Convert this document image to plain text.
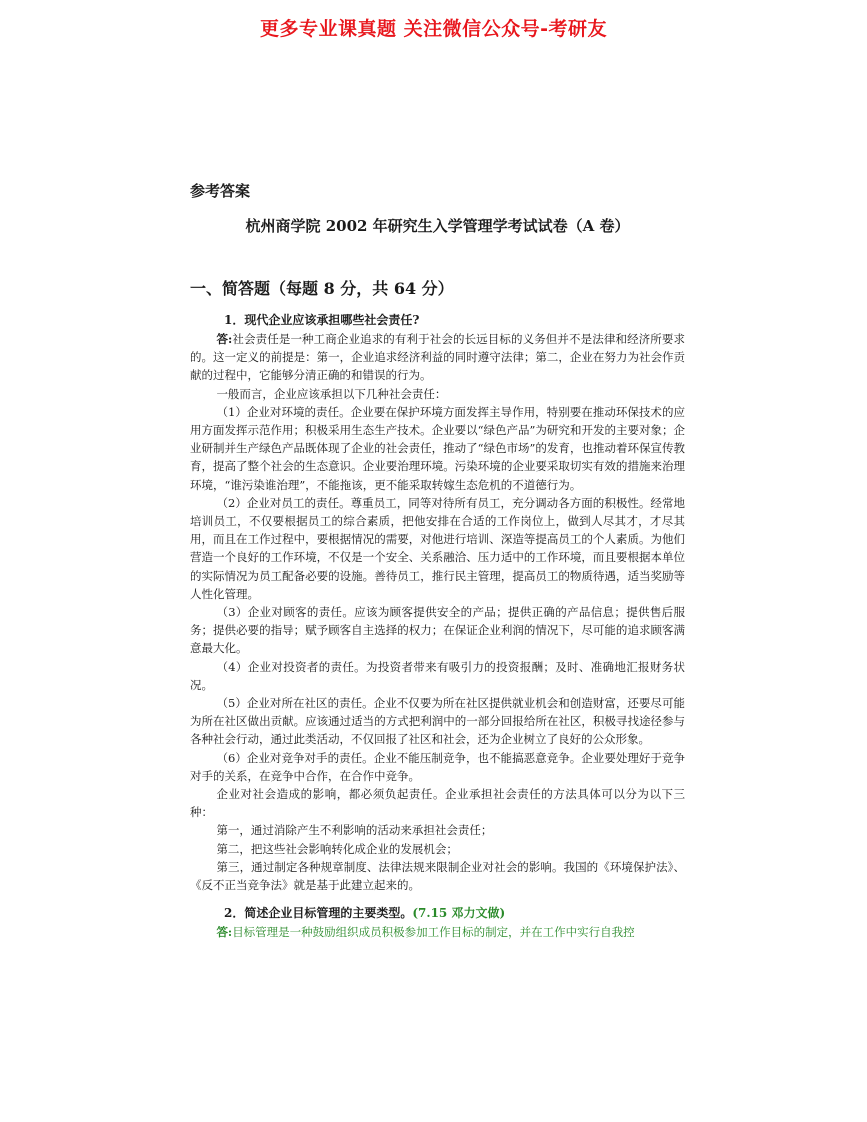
更多专业课真题 关注微信公众号-考研友

参考答案

杭州商学院 2002 年研究生入学管理学考试试卷（A 卷）

一、简答题（每题 8 分，共 64 分）

1．现代企业应该承担哪些社会责任?

答:社会责任是一种工商企业追求的有利于社会的长远目标的义务但并不是法律和经济所要求的。这一定义的前提是：第一，企业追求经济利益的同时遵守法律；第二，企业在努力为社会作贡献的过程中，它能够分清正确的和错误的行为。

一般而言，企业应该承担以下几种社会责任：

（1）企业对环境的责任。企业要在保护环境方面发挥主导作用，特别要在推动环保技术的应用方面发挥示范作用；积极采用生态生产技术。企业要以“绿色产品”为研究和开发的主要对象；企业研制并生产绿色产品既体现了企业的社会责任，推动了“绿色市场”的发育，也推动着环保宣传教育，提高了整个社会的生态意识。企业要治理环境。污染环境的企业要采取切实有效的措施来治理环境，“谁污染谁治理”，不能拖该，更不能采取转嫁生态危机的不道德行为。

（2）企业对员工的责任。尊重员工，同等对待所有员工，充分调动各方面的积极性。经常地培训员工，不仅要根据员工的综合素质，把他安排在合适的工作岗位上，做到人尽其才，才尽其用，而且在工作过程中，要根据情况的需要，对他进行培训、深造等提高员工的个人素质。为他们营造一个良好的工作环境，不仅是一个安全、关系融洽、压力适中的工作环境，而且要根据本单位的实际情况为员工配备必要的设施。善待员工，推行民主管理，提高员工的物质待遇，适当奖励等人性化管理。

（3）企业对顾客的责任。应该为顾客提供安全的产品；提供正确的产品信息；提供售后服务；提供必要的指导；赋予顾客自主选择的权力；在保证企业利润的情况下，尽可能的追求顾客满意最大化。

（4）企业对投资者的责任。为投资者带来有吸引力的投资报酬；及时、准确地汇报财务状况。

（5）企业对所在社区的责任。企业不仅要为所在社区提供就业机会和创造财富，还要尽可能为所在社区做出贡献。应该通过适当的方式把利润中的一部分回报给所在社区，积极寻找途径参与各种社会行动，通过此类活动，不仅回报了社区和社会，还为企业树立了良好的公众形象。

（6）企业对竞争对手的责任。企业不能压制竞争，也不能搞恶意竞争。企业要处理好于竞争对手的关系，在竞争中合作，在合作中竞争。

企业对社会造成的影响，都必须负起责任。企业承担社会责任的方法具体可以分为以下三种：

第一，通过消除产生不利影响的活动来承担社会责任；

第二，把这些社会影响转化成企业的发展机会；

第三，通过制定各种规章制度、法律法规来限制企业对社会的影响。我国的《环境保护法》、《反不正当竞争法》就是基于此建立起来的。

2．简述企业目标管理的主要类型。(7.15 邓力文做)

答:目标管理是一种鼓励组织成员积极参加工作目标的制定，并在工作中实行自我控
